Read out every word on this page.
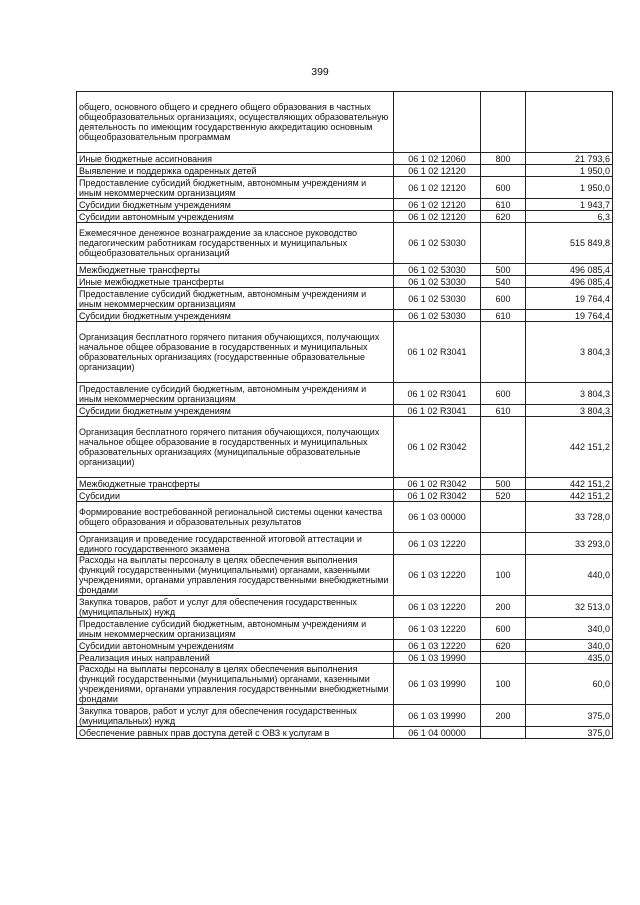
399
общего, основного общего и среднего общего образования в частных общеобразовательных организациях, осуществляющих образовательную деятельность по имеющим государственную аккредитацию основным общеобразовательным программам			
Иные бюджетные ассигнования	06 1 02 12060	800	21 793,6
Выявление и поддержка одаренных детей	06 1 02 12120		1 950,0
Предоставление субсидий бюджетным, автономным учреждениям и иным некоммерческим организациям	06 1 02 12120	600	1 950,0
Субсидии бюджетным учреждениям	06 1 02 12120	610	1 943,7
Субсидии автономным учреждениям	06 1 02 12120	620	6,3
Ежемесячное денежное вознаграждение за классное руководство педагогическим работникам государственных и муниципальных общеобразовательных организаций	06 1 02 53030		515 849,8
Межбюджетные трансферты	06 1 02 53030	500	496 085,4
Иные межбюджетные трансферты	06 1 02 53030	540	496 085,4
Предоставление субсидий бюджетным, автономным учреждениям и иным некоммерческим организациям	06 1 02 53030	600	19 764,4
Субсидии бюджетным учреждениям	06 1 02 53030	610	19 764,4
Организация бесплатного горячего питания обучающихся, получающих начальное общее образование в государственных и муниципальных образовательных организациях (государственные образовательные организации)	06 1 02 R3041		3 804,3
Предоставление субсидий бюджетным, автономным учреждениям и иным некоммерческим организациям	06 1 02 R3041	600	3 804,3
Субсидии бюджетным учреждениям	06 1 02 R3041	610	3 804,3
Организация бесплатного горячего питания обучающихся, получающих начальное общее образование в государственных и муниципальных образовательных организациях (муниципальные образовательные организации)	06 1 02 R3042		442 151,2
Межбюджетные трансферты	06 1 02 R3042	500	442 151,2
Субсидии	06 1 02 R3042	520	442 151,2
Формирование востребованной региональной системы оценки качества общего образования и образовательных результатов	06 1 03 00000		33 728,0
Организация и проведение государственной итоговой аттестации и единого государственного экзамена	06 1 03 12220		33 293,0
Расходы на выплаты персоналу в целях обеспечения выполнения функций государственными (муниципальными) органами, казенными учреждениями, органами управления государственными внебюджетными фондами	06 1 03 12220	100	440,0
Закупка товаров, работ и услуг для обеспечения государственных (муниципальных) нужд	06 1 03 12220	200	32 513,0
Предоставление субсидий бюджетным, автономным учреждениям и иным некоммерческим организациям	06 1 03 12220	600	340,0
Субсидии автономным учреждениям	06 1 03 12220	620	340,0
Реализация иных направлений	06 1 03 19990		435,0
Расходы на выплаты персоналу в целях обеспечения выполнения функций государственными (муниципальными) органами, казенными учреждениями, органами управления государственными внебюджетными фондами	06 1 03 19990	100	60,0
Закупка товаров, работ и услуг для обеспечения государственных (муниципальных) нужд	06 1 03 19990	200	375,0
Обеспечение равных прав доступа детей с ОВЗ к услугам в	06 1 04 00000		375,0
